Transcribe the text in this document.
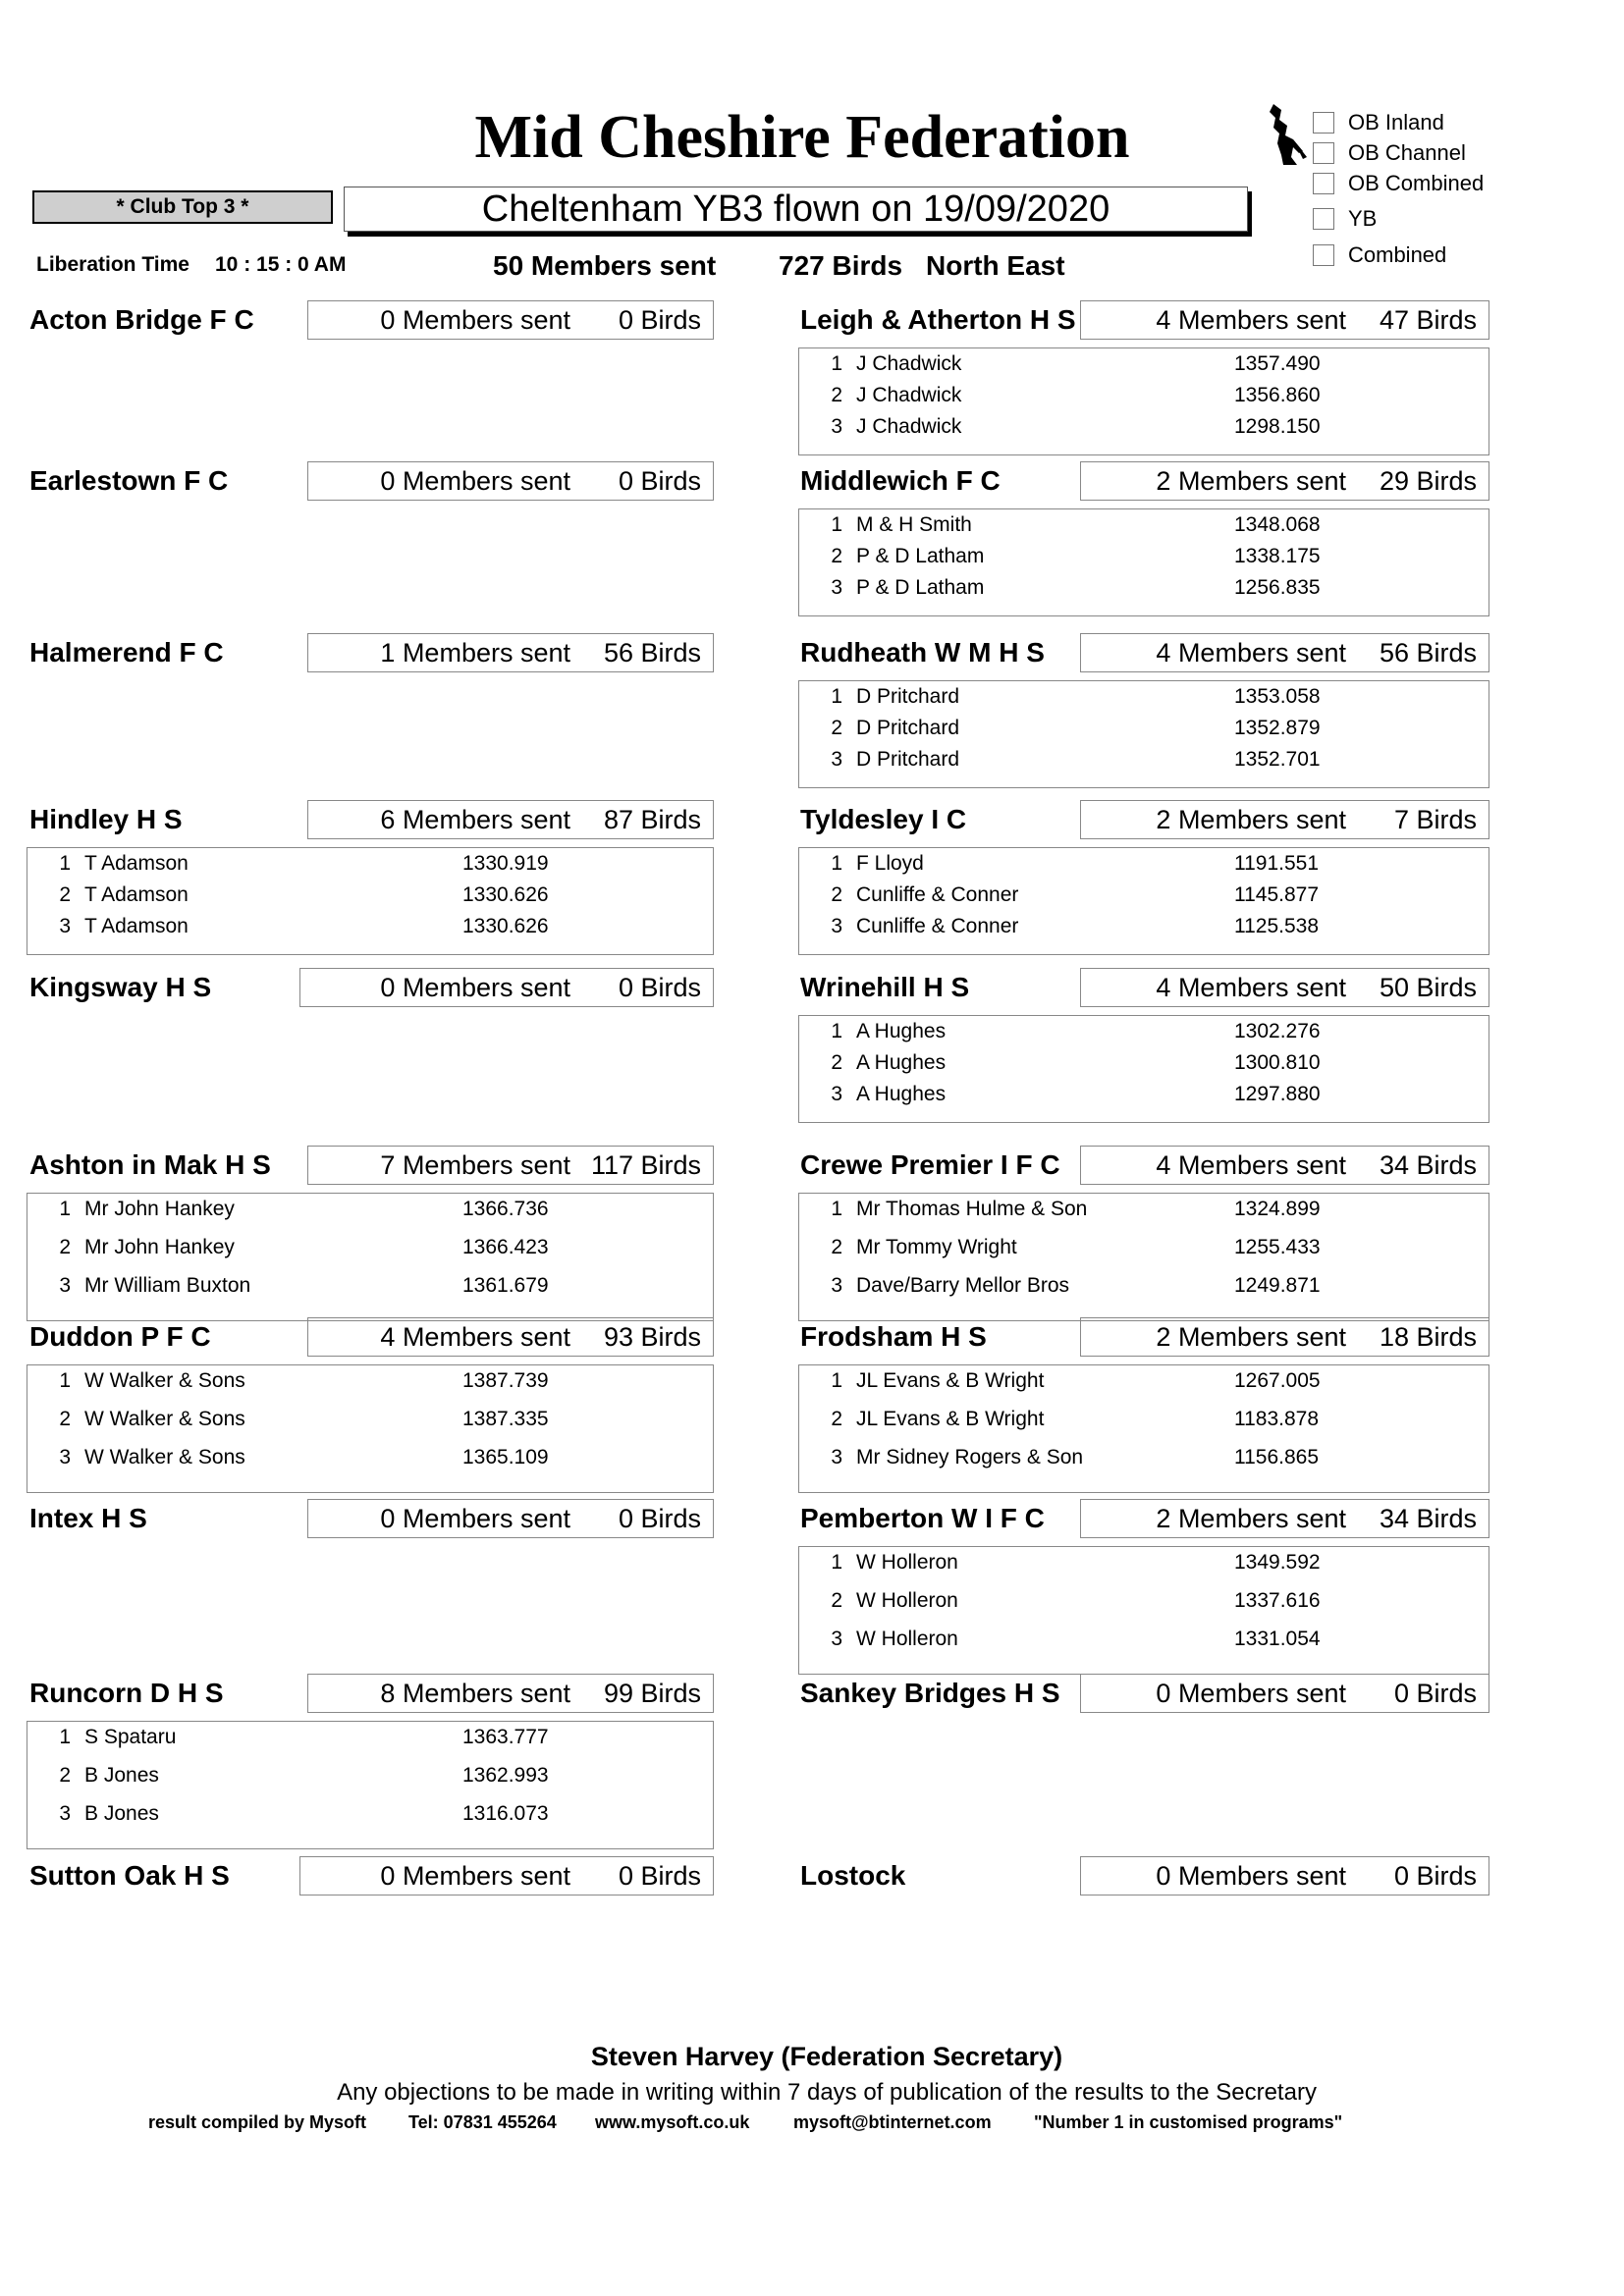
Mid Cheshire Federation
* Club Top 3 *	Cheltenham YB3 flown on 19/09/2020
OB Inland
OB Channel
OB Combined
YB
Combined
Liberation Time 10 : 15 : 0 AM	50 Members sent 727 Birds North East
Acton Bridge F C	0 Members sent 0 Birds	Leigh & Atherton H S	4 Members sent 47 Birds
1 J Chadwick	1357.490
2 J Chadwick	1356.860
3 J Chadwick	1298.150
Earlestown F C	0 Members sent 0 Birds	Middlewich F C	2 Members sent 29 Birds
1 M & H Smith	1348.068
2 P & D Latham	1338.175
3 P & D Latham	1256.835
Halmerend F C	1 Members sent 56 Birds	Rudheath W M H S	4 Members sent 56 Birds
1 D Pritchard	1353.058
2 D Pritchard	1352.879
3 D Pritchard	1352.701
Hindley H S	6 Members sent 87 Birds
1 T Adamson	1330.919
2 T Adamson	1330.626
3 T Adamson	1330.626
Tyldesley I C	2 Members sent 7 Birds
1 F Lloyd	1191.551
2 Cunliffe & Conner	1145.877
3 Cunliffe & Conner	1125.538
Kingsway H S	0 Members sent 0 Birds	Wrinehill H S	4 Members sent 50 Birds
1 A Hughes	1302.276
2 A Hughes	1300.810
3 A Hughes	1297.880
Ashton in Mak H S	7 Members sent 117 Birds
1 Mr John Hankey	1366.736
2 Mr John Hankey	1366.423
3 Mr William Buxton	1361.679
Crewe Premier I F C	4 Members sent 34 Birds
1 Mr Thomas Hulme & Son	1324.899
2 Mr Tommy Wright	1255.433
3 Dave/Barry Mellor Bros	1249.871
Duddon P F C	4 Members sent 93 Birds
1 W Walker & Sons	1387.739
2 W Walker & Sons	1387.335
3 W Walker & Sons	1365.109
Frodsham H S	2 Members sent 18 Birds
1 JL Evans & B Wright	1267.005
2 JL Evans & B Wright	1183.878
3 Mr Sidney Rogers & Son	1156.865
Intex H S	0 Members sent 0 Birds	Pemberton W I F C	2 Members sent 34 Birds
1 W Holleron	1349.592
2 W Holleron	1337.616
3 W Holleron	1331.054
Runcorn D H S	8 Members sent 99 Birds
1 S Spataru	1363.777
2 B Jones	1362.993
3 B Jones	1316.073
Sankey Bridges H S	0 Members sent 0 Birds
Sutton Oak H S	0 Members sent 0 Birds	Lostock	0 Members sent 0 Birds
Steven Harvey (Federation Secretary)
Any objections to be made in writing within 7 days of publication of the results to the Secretary
result compiled by Mysoft Tel: 07831 455264 www.mysoft.co.uk mysoft@btinternet.com "Number 1 in customised programs"
